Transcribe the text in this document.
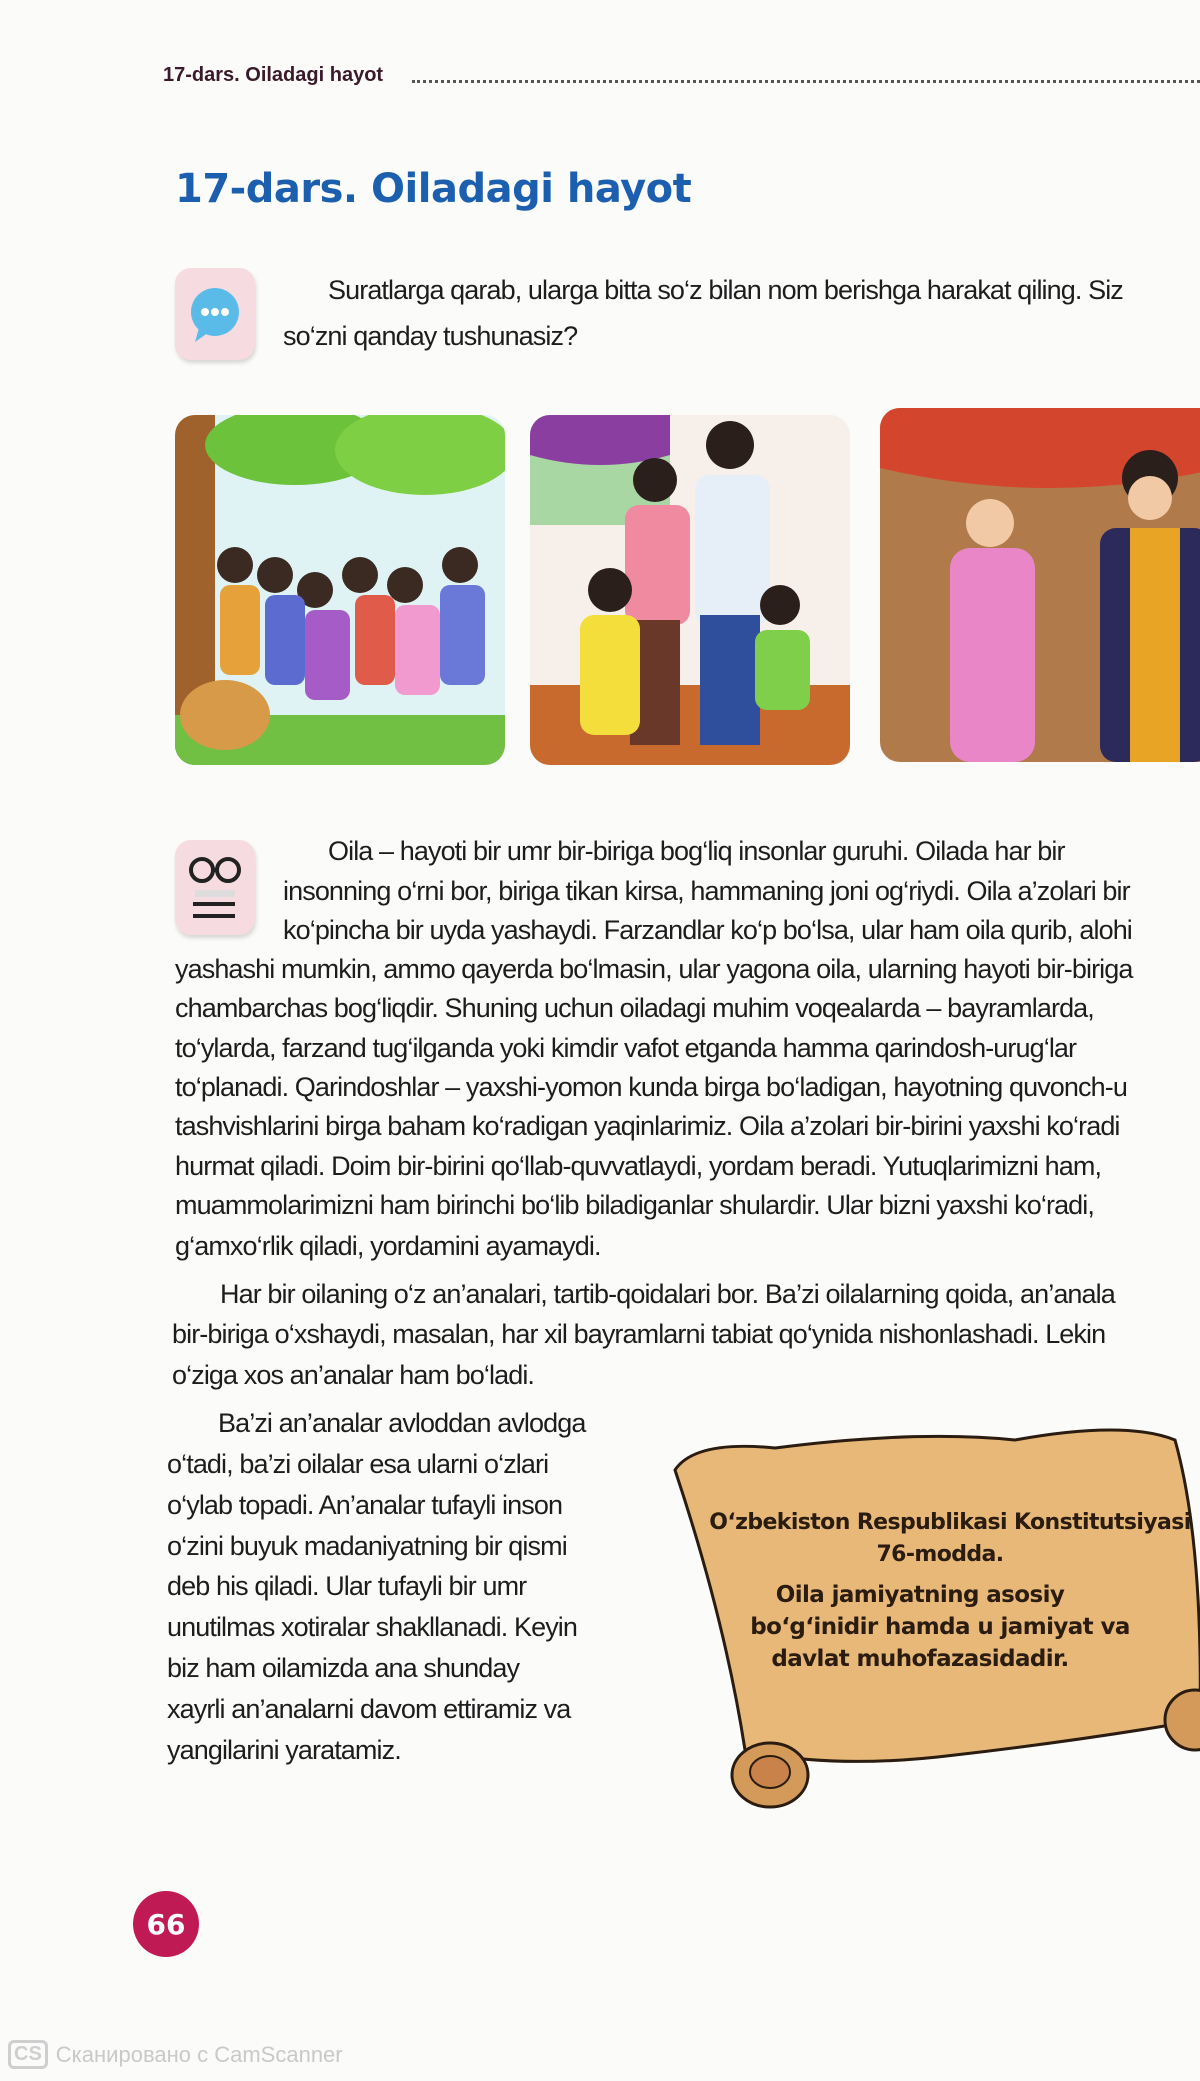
17-dars. Oiladagi hayot
17-dars. Oiladagi hayot
Suratlarga qarab, ularga bitta so‘z bilan nom berishga harakat qiling. Siz
so‘zni qanday tushunasiz?
Oila – hayoti bir umr bir-biriga bog‘liq insonlar guruhi. Oilada har bir
insonning o‘rni bor, biriga tikan kirsa, hammaning joni og‘riydi. Oila a’zolari bir
ko‘pincha bir uyda yashaydi. Farzandlar ko‘p bo‘lsa, ular ham oila qurib, alohi
yashashi mumkin, ammo qayerda bo‘lmasin, ular yagona oila, ularning hayoti bir-biriga
chambarchas bog‘liqdir. Shuning uchun oiladagi muhim voqealarda – bayramlarda,
to‘ylarda, farzand tug‘ilganda yoki kimdir vafot etganda hamma qarindosh-urug‘lar
to‘planadi. Qarindoshlar – yaxshi-yomon kunda birga bo‘ladigan, hayotning quvonch-u
tashvishlarini birga baham ko‘radigan yaqinlarimiz. Oila a’zolari bir-birini yaxshi ko‘radi
hurmat qiladi. Doim bir-birini qo‘llab-quvvatlaydi, yordam beradi. Yutuqlarimizni ham,
muammolarimizni ham birinchi bo‘lib biladiganlar shulardir. Ular bizni yaxshi ko‘radi,
g‘amxo‘rlik qiladi, yordamini ayamaydi.
Har bir oilaning o‘z an’analari, tartib-qoidalari bor. Ba’zi oilalarning qoida, an’anala
bir-biriga o‘xshaydi, masalan, har xil bayramlarni tabiat qo‘ynida nishonlashadi. Lekin
o‘ziga xos an’analar ham bo‘ladi.
Ba’zi an’analar avloddan avlodga
o‘tadi, ba’zi oilalar esa ularni o‘zlari
o‘ylab topadi. An’analar tufayli inson
o‘zini buyuk madaniyatning bir qismi
deb his qiladi. Ular tufayli bir umr
unutilmas xotiralar shakllanadi. Keyin
biz ham oilamizda ana shunday
xayrli an’analarni davom ettiramiz va
yangilarini yaratamiz.
O‘zbekiston Respublikasi Konstitutsiyasi
76-modda.
Oila jamiyatning asosiy
bo‘g‘inidir hamda u jamiyat va
davlat muhofazasidadir.
66
CS Сканировано с CamScanner
